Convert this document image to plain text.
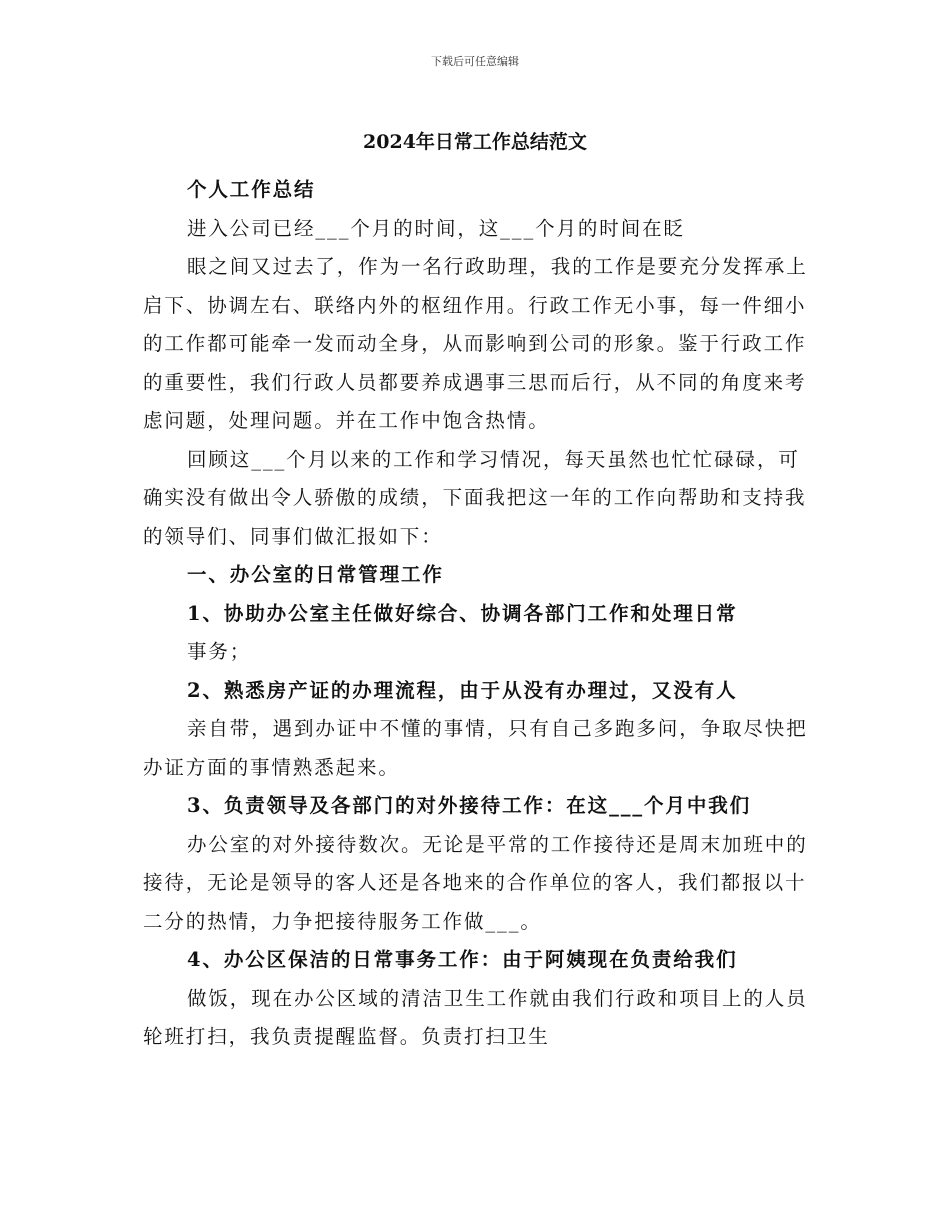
下载后可任意编辑
2024年日常工作总结范文

个人工作总结

进入公司已经___个月的时间，这___个月的时间在眨

眼之间又过去了，作为一名行政助理，我的工作是要充分发挥承上启下、协调左右、联络内外的枢纽作用。行政工作无小事，每一件细小的工作都可能牵一发而动全身，从而影响到公司的形象。鉴于行政工作的重要性，我们行政人员都要养成遇事三思而后行，从不同的角度来考虑问题，处理问题。并在工作中饱含热情。

回顾这___个月以来的工作和学习情况，每天虽然也忙忙碌碌，可确实没有做出令人骄傲的成绩，下面我把这一年的工作向帮助和支持我的领导们、同事们做汇报如下：

一、办公室的日常管理工作

1、协助办公室主任做好综合、协调各部门工作和处理日常

事务；

2、熟悉房产证的办理流程，由于从没有办理过，又没有人

亲自带，遇到办证中不懂的事情，只有自己多跑多问，争取尽快把办证方面的事情熟悉起来。

3、负责领导及各部门的对外接待工作：在这___个月中我们

办公室的对外接待数次。无论是平常的工作接待还是周末加班中的接待，无论是领导的客人还是各地来的合作单位的客人，我们都报以十二分的热情，力争把接待服务工作做___。

4、办公区保洁的日常事务工作：由于阿姨现在负责给我们

做饭，现在办公区域的清洁卫生工作就由我们行政和项目上的人员轮班打扫，我负责提醒监督。负责打扫卫生
